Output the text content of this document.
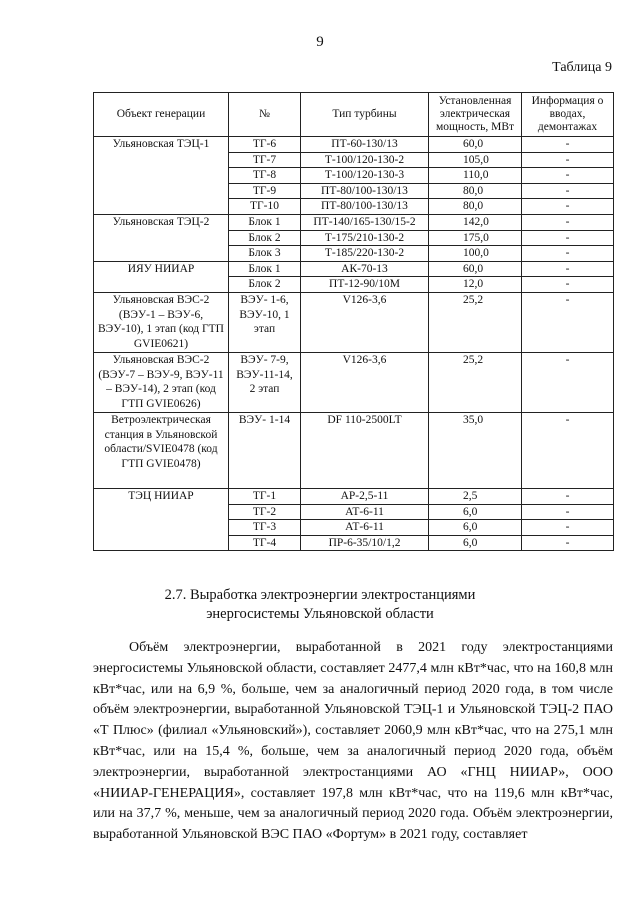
9
Таблица 9
Объект генерации	№	Тип турбины	Установленная электрическая мощность, МВт	Информация о вводах, демонтажах
Ульяновская ТЭЦ-1	ТГ-6	ПТ-60-130/13	60,0	-
	ТГ-7	Т-100/120-130-2	105,0	-
	ТГ-8	Т-100/120-130-3	110,0	-
	ТГ-9	ПТ-80/100-130/13	80,0	-
	ТГ-10	ПТ-80/100-130/13	80,0	-
Ульяновская ТЭЦ-2	Блок 1	ПТ-140/165-130/15-2	142,0	-
	Блок 2	Т-175/210-130-2	175,0	-
	Блок 3	Т-185/220-130-2	100,0	-
ИЯУ НИИАР	Блок 1	АК-70-13	60,0	-
	Блок 2	ПТ-12-90/10М	12,0	-
Ульяновская ВЭС-2 (ВЭУ-1 – ВЭУ-6, ВЭУ-10), 1 этап (код ГТП GVIE0621)	ВЭУ- 1-6, ВЭУ-10, 1 этап	V126-3,6	25,2	-
Ульяновская ВЭС-2 (ВЭУ-7 – ВЭУ-9, ВЭУ-11 – ВЭУ-14), 2 этап (код ГТП GVIE0626)	ВЭУ- 7-9, ВЭУ-11-14, 2 этап	V126-3,6	25,2	-
Ветроэлектрическая станция в Ульяновской области/SVIE0478 (код ГТП GVIE0478)	ВЭУ- 1-14	DF 110-2500LT	35,0	-
ТЭЦ НИИАР	ТГ-1	АР-2,5-11	2,5	-
	ТГ-2	АТ-6-11	6,0	-
	ТГ-3	АТ-6-11	6,0	-
	ТГ-4	ПР-6-35/10/1,2	6,0	-
2.7. Выработка электроэнергии электростанциями
энергосистемы Ульяновской области

Объём электроэнергии, выработанной в 2021 году электростанциями энергосистемы Ульяновской области, составляет 2477,4 млн кВт*час, что на 160,8 млн кВт*час, или на 6,9 %, больше, чем за аналогичный период 2020 года, в том числе объём электроэнергии, выработанной Ульяновской ТЭЦ-1 и Ульяновской ТЭЦ-2 ПАО «Т Плюс» (филиал «Ульяновский»), составляет 2060,9 млн кВт*час, что на 275,1 млн кВт*час, или на 15,4 %, больше, чем за аналогичный период 2020 года, объём электроэнергии, выработанной электростанциями АО «ГНЦ НИИАР», ООО «НИИАР-ГЕНЕРАЦИЯ», составляет 197,8 млн кВт*час, что на 119,6 млн кВт*час, или на 37,7 %, меньше, чем за аналогичный период 2020 года. Объём электроэнергии, выработанной Ульяновской ВЭС ПАО «Фортум» в 2021 году, составляет
